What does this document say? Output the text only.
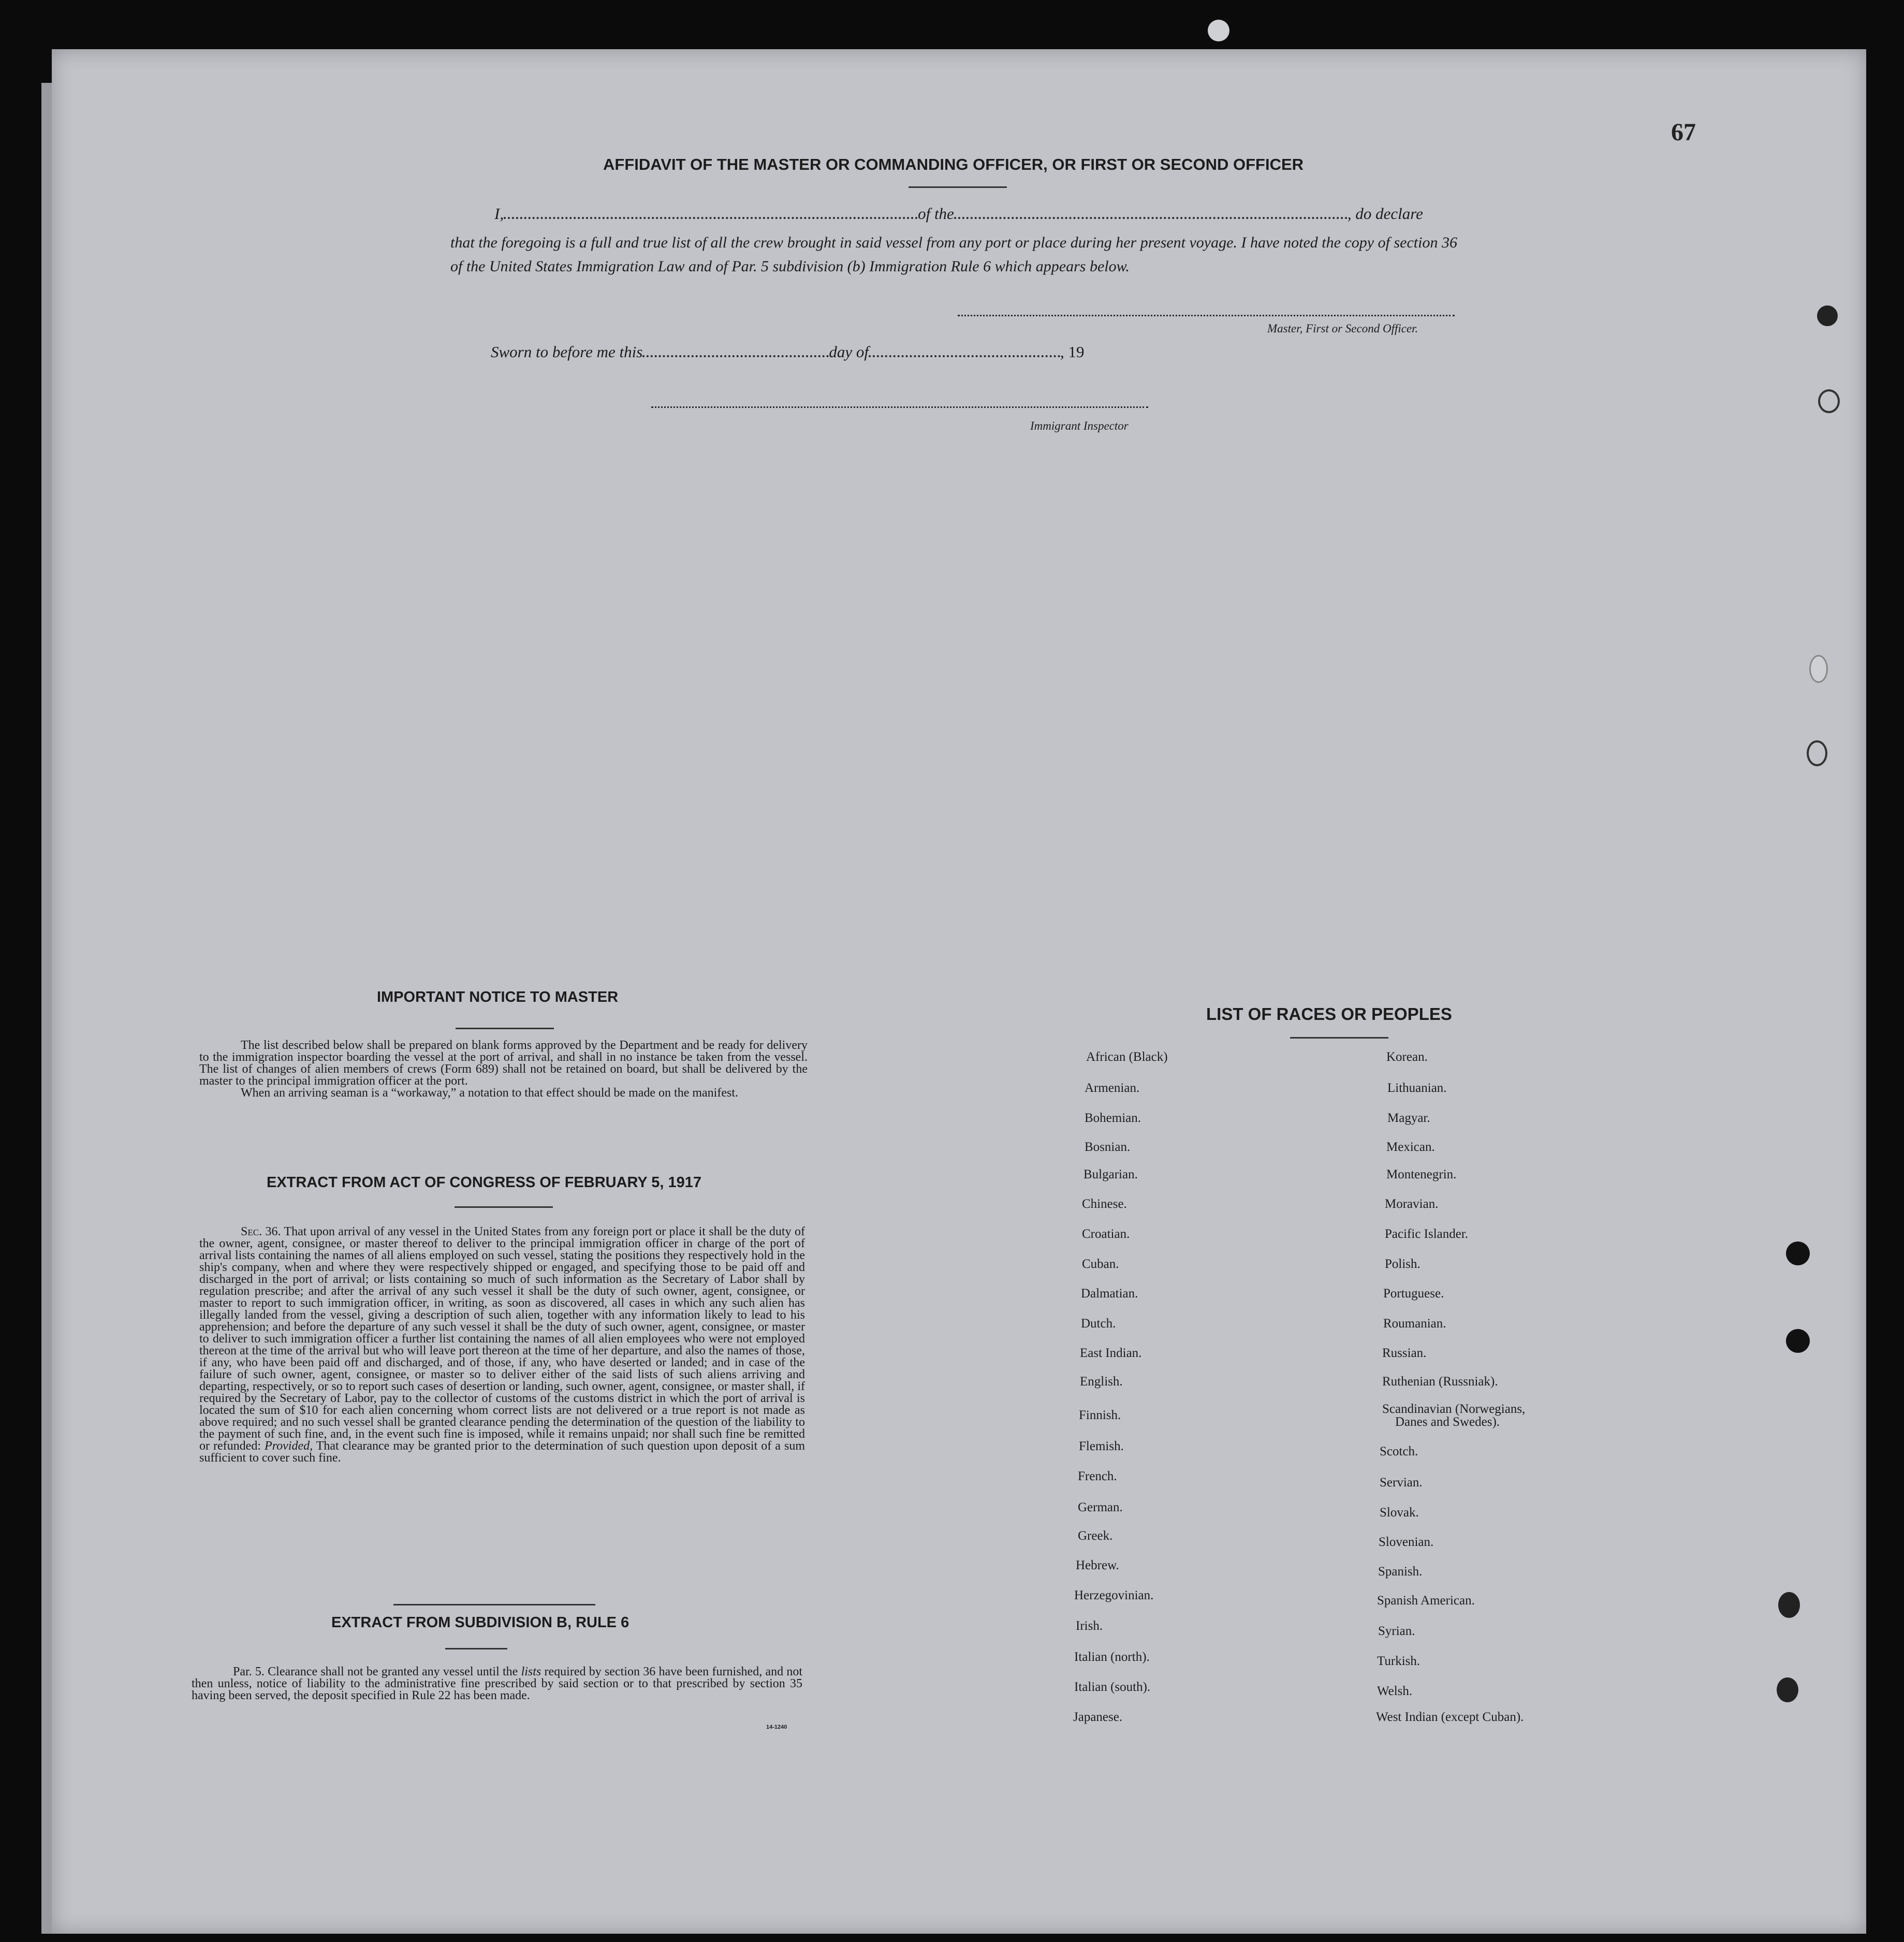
67
AFFIDAVIT OF THE MASTER OR COMMANDING OFFICER, OR FIRST OR SECOND OFFICER
I,	of the	, do declare
that the foregoing is a full and true list of all the crew brought in said vessel from any port or place during her present voyage. I have noted the copy of section 36 of the United States Immigration Law and of Par. 5 subdivision (b) Immigration Rule 6 which appears below.
Master, First or Second Officer.
Sworn to before me this	day of	, 19
Immigrant Inspector
IMPORTANT NOTICE TO MASTER

The list described below shall be prepared on blank forms approved by the Department and be ready for delivery to the immigration inspector boarding the vessel at the port of arrival, and shall in no instance be taken from the vessel. The list of changes of alien members of crews (Form 689) shall not be retained on board, but shall be delivered by the master to the principal immigration officer at the port.

When an arriving seaman is a “workaway,” a notation to that effect should be made on the manifest.

EXTRACT FROM ACT OF CONGRESS OF FEBRUARY 5, 1917

Sec. 36. That upon arrival of any vessel in the United States from any foreign port or place it shall be the duty of the owner, agent, consignee, or master thereof to deliver to the principal immigration officer in charge of the port of arrival lists containing the names of all aliens employed on such vessel, stating the positions they respectively hold in the ship's company, when and where they were respectively shipped or engaged, and specifying those to be paid off and discharged in the port of arrival; or lists containing so much of such information as the Secretary of Labor shall by regulation prescribe; and after the arrival of any such vessel it shall be the duty of such owner, agent, consignee, or master to report to such immigration officer, in writing, as soon as discovered, all cases in which any such alien has illegally landed from the vessel, giving a description of such alien, together with any information likely to lead to his apprehension; and before the departure of any such vessel it shall be the duty of such owner, agent, consignee, or master to deliver to such immigration officer a further list containing the names of all alien employees who were not employed thereon at the time of the arrival but who will leave port thereon at the time of her departure, and also the names of those, if any, who have been paid off and discharged, and of those, if any, who have deserted or landed; and in case of the failure of such owner, agent, consignee, or master so to deliver either of the said lists of such aliens arriving and departing, respectively, or so to report such cases of desertion or landing, such owner, agent, consignee, or master shall, if required by the Secretary of Labor, pay to the collector of customs of the customs district in which the port of arrival is located the sum of $10 for each alien concerning whom correct lists are not delivered or a true report is not made as above required; and no such vessel shall be granted clearance pending the determination of the question of the liability to the payment of such fine, and, in the event such fine is imposed, while it remains unpaid; nor shall such fine be remitted or refunded: Provided, That clearance may be granted prior to the determination of such question upon deposit of a sum sufficient to cover such fine.

EXTRACT FROM SUBDIVISION B, RULE 6

Par. 5. Clearance shall not be granted any vessel until the lists required by section 36 have been furnished, and not then unless, notice of liability to the administrative fine prescribed by said section or to that prescribed by section 35 having been served, the deposit specified in Rule 22 has been made.

14-1240
LIST OF RACES OR PEOPLES
African (Black)
Armenian.
Bohemian.
Bosnian.
Bulgarian.
Chinese.
Croatian.
Cuban.
Dalmatian.
Dutch.
East Indian.
English.
Finnish.
Flemish.
French.
German.
Greek.
Hebrew.
Herzegovinian.
Irish.
Italian (north).
Italian (south).
Japanese.
Korean.
Lithuanian.
Magyar.
Mexican.
Montenegrin.
Moravian.
Pacific Islander.
Polish.
Portuguese.
Roumanian.
Russian.
Ruthenian (Russniak).
Scandinavian (Norwegians,
Danes and Swedes).
Scotch.
Servian.
Slovak.
Slovenian.
Spanish.
Spanish American.
Syrian.
Turkish.
Welsh.
West Indian (except Cuban).
